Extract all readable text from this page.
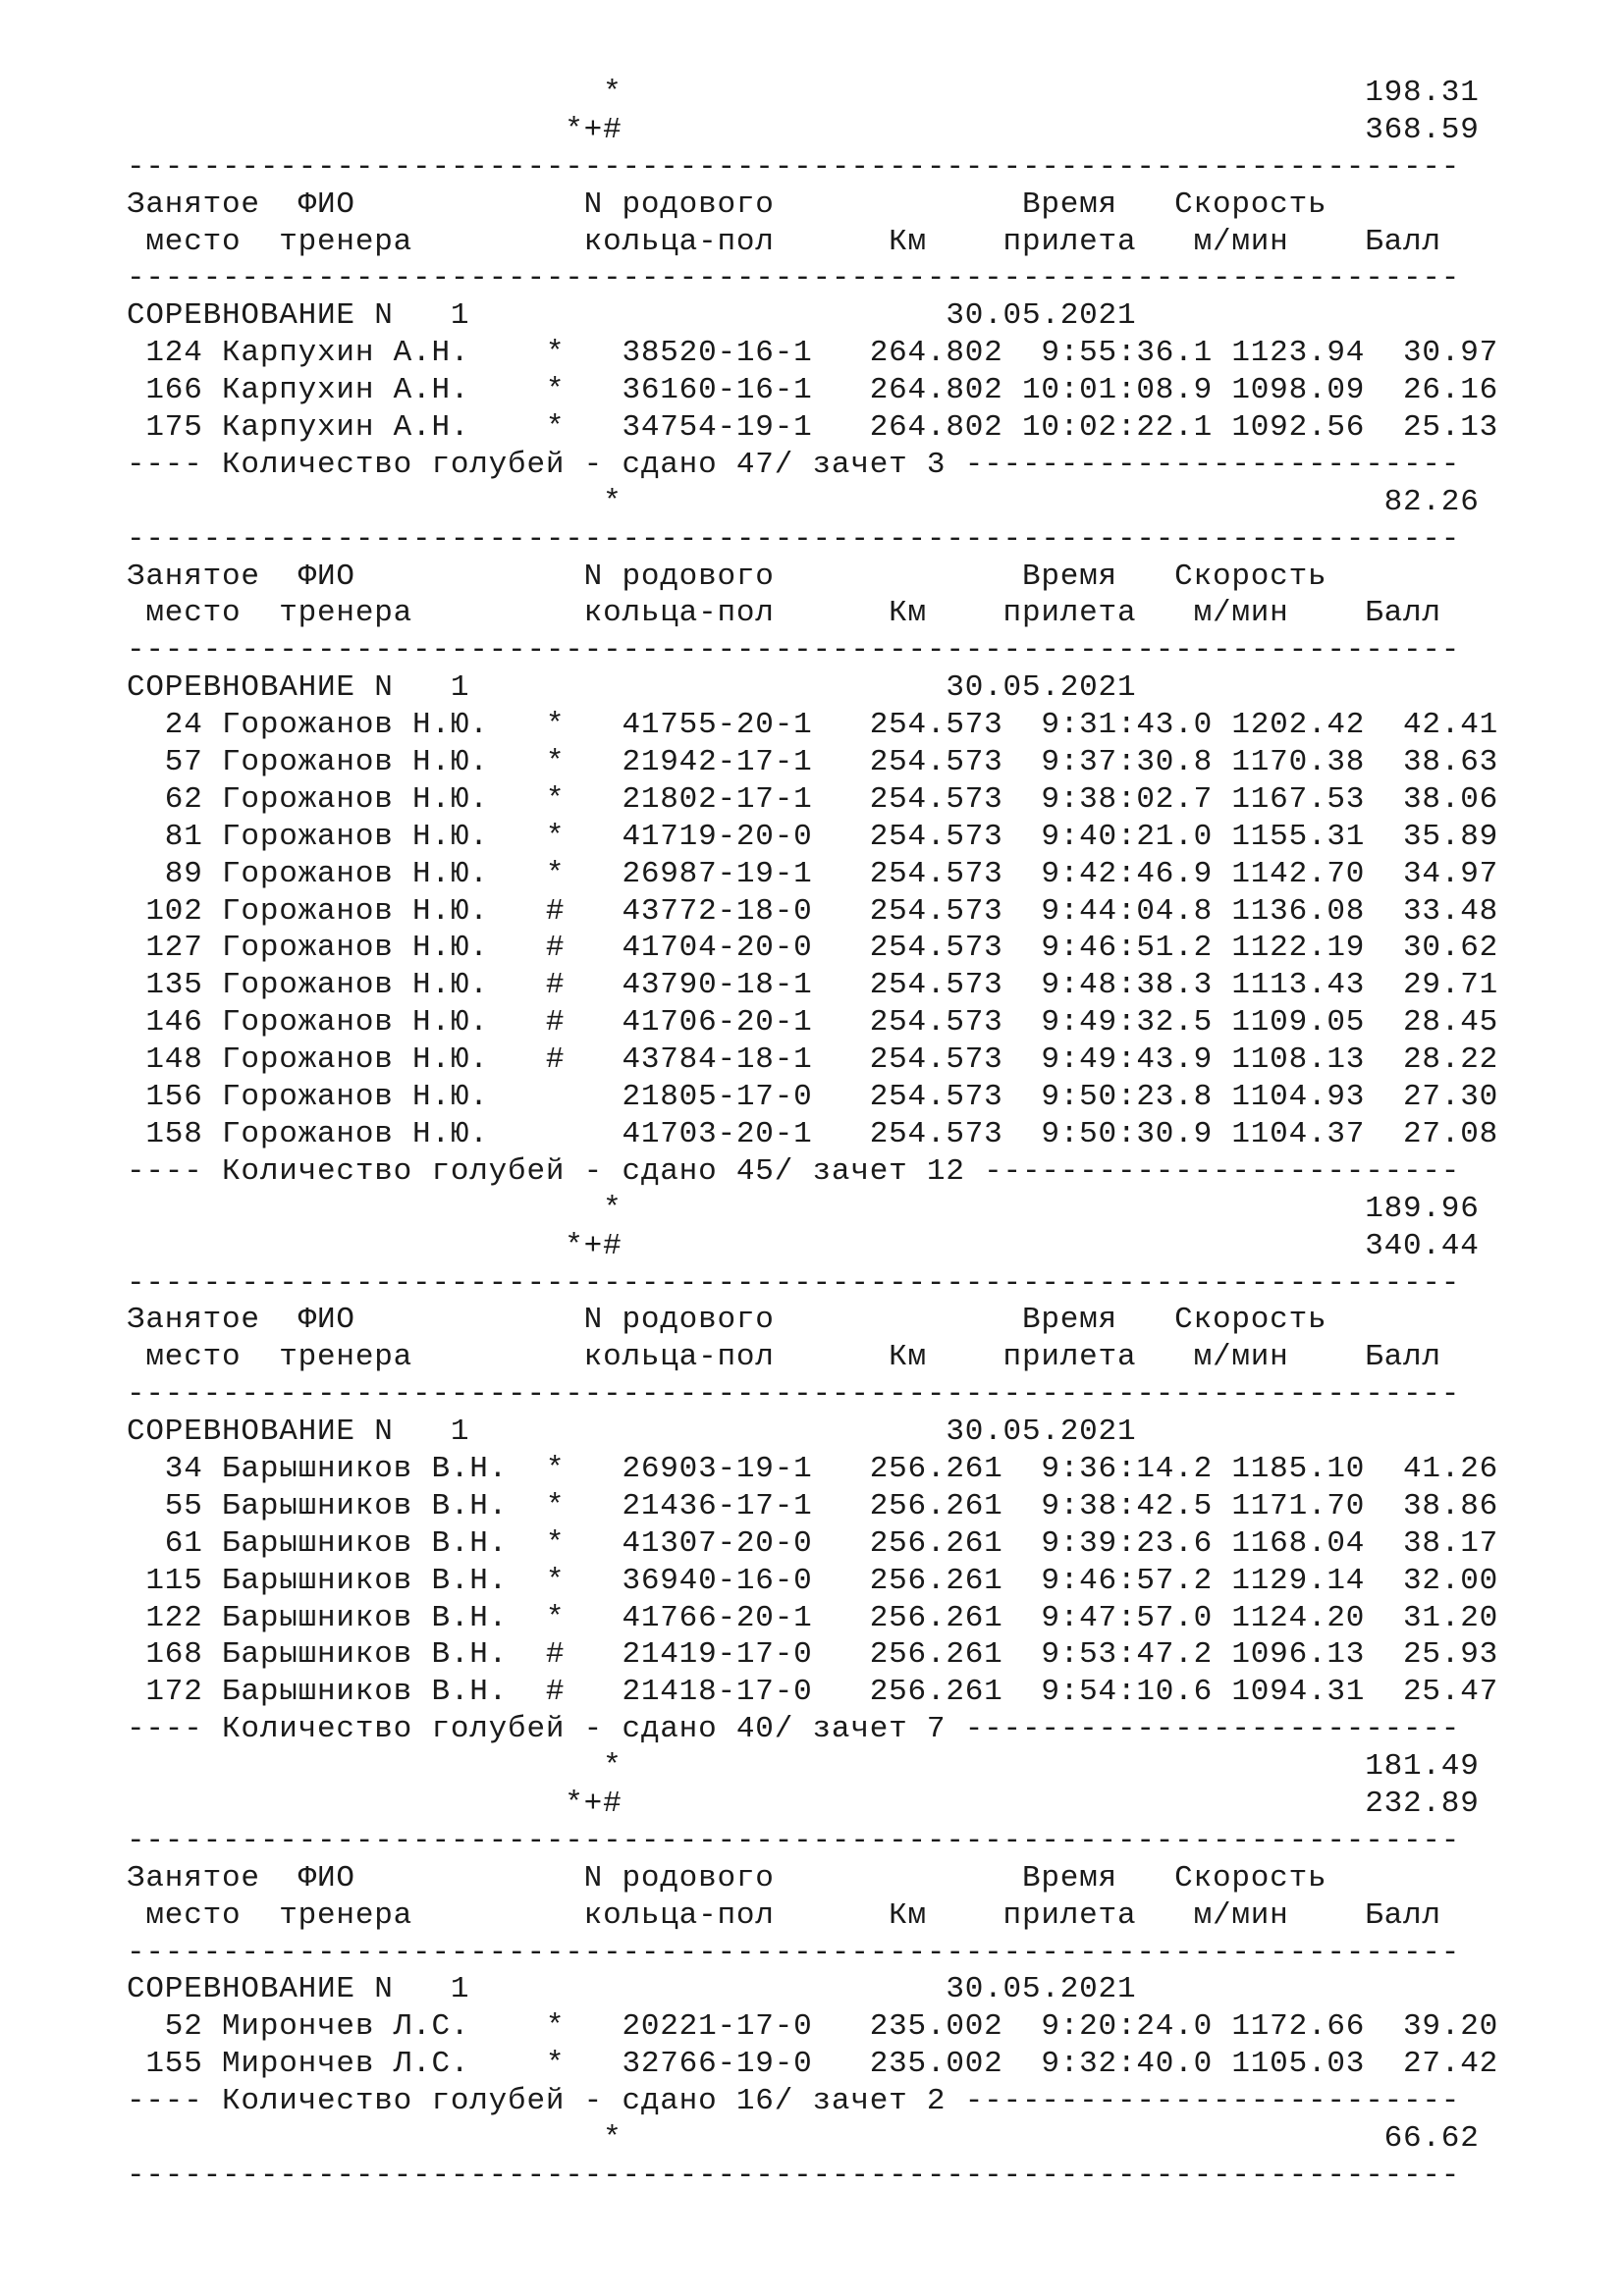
*                                       198.31
*+#                                       368.59
----------------------------------------------------------------------
Занятое  ФИО            N родового             Время   Скорость
место  тренера         кольца-пол      Км    прилета   м/мин    Балл
----------------------------------------------------------------------
СОРЕВНОВАНИЕ N   1                         30.05.2021
124 Карпухин А.Н.    *   38520-16-1   264.802  9:55:36.1 1123.94  30.97
166 Карпухин А.Н.    *   36160-16-1   264.802 10:01:08.9 1098.09  26.16
175 Карпухин А.Н.    *   34754-19-1   264.802 10:02:22.1 1092.56  25.13
---- Количество голубей - сдано 47/ зачет 3 --------------------------
*                                        82.26
----------------------------------------------------------------------
Занятое  ФИО            N родового             Время   Скорость
место  тренера         кольца-пол      Км    прилета   м/мин    Балл
----------------------------------------------------------------------
СОРЕВНОВАНИЕ N   1                         30.05.2021
24 Горожанов Н.Ю.   *   41755-20-1   254.573  9:31:43.0 1202.42  42.41
57 Горожанов Н.Ю.   *   21942-17-1   254.573  9:37:30.8 1170.38  38.63
62 Горожанов Н.Ю.   *   21802-17-1   254.573  9:38:02.7 1167.53  38.06
81 Горожанов Н.Ю.   *   41719-20-0   254.573  9:40:21.0 1155.31  35.89
89 Горожанов Н.Ю.   *   26987-19-1   254.573  9:42:46.9 1142.70  34.97
102 Горожанов Н.Ю.   #   43772-18-0   254.573  9:44:04.8 1136.08  33.48
127 Горожанов Н.Ю.   #   41704-20-0   254.573  9:46:51.2 1122.19  30.62
135 Горожанов Н.Ю.   #   43790-18-1   254.573  9:48:38.3 1113.43  29.71
146 Горожанов Н.Ю.   #   41706-20-1   254.573  9:49:32.5 1109.05  28.45
148 Горожанов Н.Ю.   #   43784-18-1   254.573  9:49:43.9 1108.13  28.22
156 Горожанов Н.Ю.       21805-17-0   254.573  9:50:23.8 1104.93  27.30
158 Горожанов Н.Ю.       41703-20-1   254.573  9:50:30.9 1104.37  27.08
---- Количество голубей - сдано 45/ зачет 12 -------------------------
*                                       189.96
*+#                                       340.44
----------------------------------------------------------------------
Занятое  ФИО            N родового             Время   Скорость
место  тренера         кольца-пол      Км    прилета   м/мин    Балл
----------------------------------------------------------------------
СОРЕВНОВАНИЕ N   1                         30.05.2021
34 Барышников В.Н.  *   26903-19-1   256.261  9:36:14.2 1185.10  41.26
55 Барышников В.Н.  *   21436-17-1   256.261  9:38:42.5 1171.70  38.86
61 Барышников В.Н.  *   41307-20-0   256.261  9:39:23.6 1168.04  38.17
115 Барышников В.Н.  *   36940-16-0   256.261  9:46:57.2 1129.14  32.00
122 Барышников В.Н.  *   41766-20-1   256.261  9:47:57.0 1124.20  31.20
168 Барышников В.Н.  #   21419-17-0   256.261  9:53:47.2 1096.13  25.93
172 Барышников В.Н.  #   21418-17-0   256.261  9:54:10.6 1094.31  25.47
---- Количество голубей - сдано 40/ зачет 7 --------------------------
*                                       181.49
*+#                                       232.89
----------------------------------------------------------------------
Занятое  ФИО            N родового             Время   Скорость
место  тренера         кольца-пол      Км    прилета   м/мин    Балл
----------------------------------------------------------------------
СОРЕВНОВАНИЕ N   1                         30.05.2021
52 Мирончев Л.С.    *   20221-17-0   235.002  9:20:24.0 1172.66  39.20
155 Мирончев Л.С.    *   32766-19-0   235.002  9:32:40.0 1105.03  27.42
---- Количество голубей - сдано 16/ зачет 2 --------------------------
*                                        66.62
----------------------------------------------------------------------
